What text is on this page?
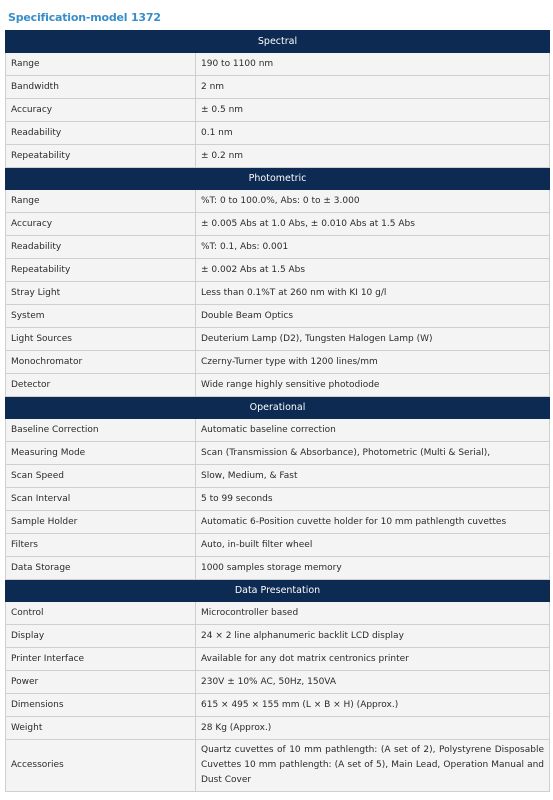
Specification-model 1372
Spectral	
Range	190 to 1100 nm
Bandwidth	2 nm
Accuracy	± 0.5 nm
Readability	0.1 nm
Repeatability	± 0.2 nm
Photometric	
Range	%T: 0 to 100.0%, Abs: 0 to ± 3.000
Accuracy	± 0.005 Abs at 1.0 Abs, ± 0.010 Abs at 1.5 Abs
Readability	%T: 0.1, Abs: 0.001
Repeatability	± 0.002 Abs at 1.5 Abs
Stray Light	Less than 0.1%T at 260 nm with KI 10 g/l
System	Double Beam Optics
Light Sources	Deuterium Lamp (D2), Tungsten Halogen Lamp (W)
Monochromator	Czerny-Turner type with 1200 lines/mm
Detector	Wide range highly sensitive photodiode
Operational	
Baseline Correction	Automatic baseline correction
Measuring Mode	Scan (Transmission & Absorbance), Photometric (Multi & Serial),
Scan Speed	Slow, Medium, & Fast
Scan Interval	5 to 99 seconds
Sample Holder	Automatic 6-Position cuvette holder for 10 mm pathlength cuvettes
Filters	Auto, in-built filter wheel
Data Storage	1000 samples storage memory
Data Presentation	
Control	Microcontroller based
Display	24 × 2 line alphanumeric backlit LCD display
Printer Interface	Available for any dot matrix centronics printer
Power	230V ± 10% AC, 50Hz, 150VA
Dimensions	615 × 495 × 155 mm (L × B × H) (Approx.)
Weight	28 Kg (Approx.)
Accessories	Quartz cuvettes of 10 mm pathlength: (A set of 2), Polystyrene Disposable Cuvettes 10 mm pathlength: (A set of 5), Main Lead, Operation Manual and Dust Cover
